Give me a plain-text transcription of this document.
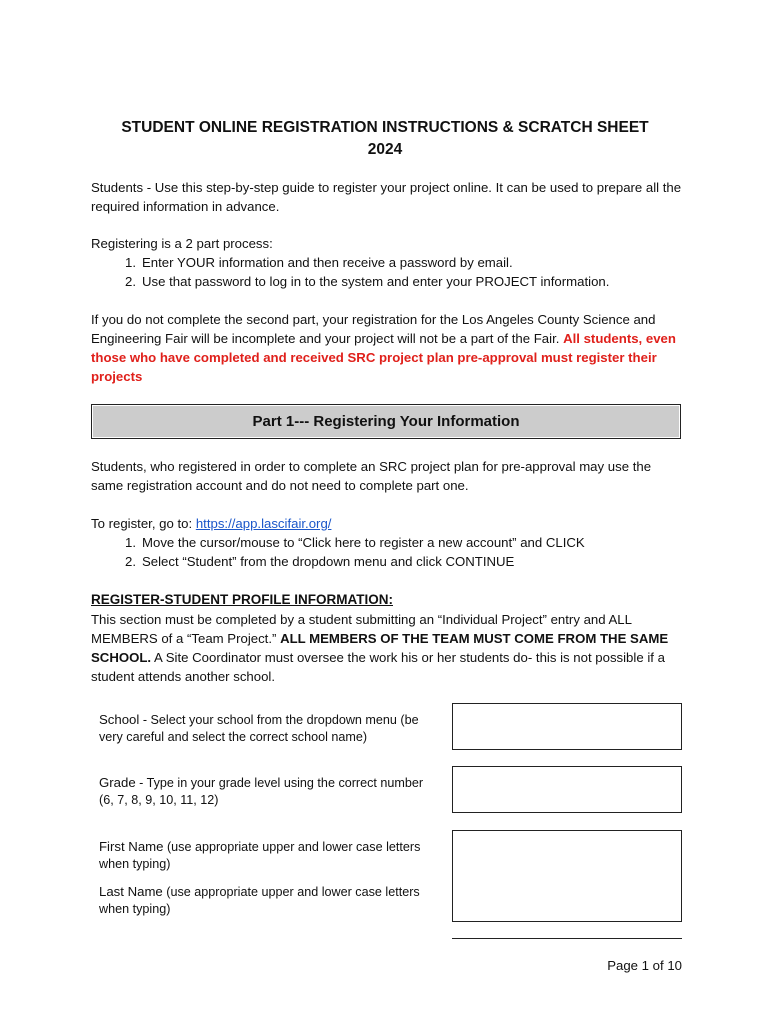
STUDENT ONLINE REGISTRATION INSTRUCTIONS & SCRATCH SHEET
2024
Students - Use this step-by-step guide to register your project online. It can be used to prepare all the required information in advance.
Registering is a 2 part process:
1. Enter YOUR information and then receive a password by email.
2. Use that password to log in to the system and enter your PROJECT information.
If you do not complete the second part, your registration for the Los Angeles County Science and Engineering Fair will be incomplete and your project will not be a part of the Fair. All students, even those who have completed and received SRC project plan pre-approval must register their projects
Part 1--- Registering Your Information
Students, who registered in order to complete an SRC project plan for pre-approval may use the same registration account and do not need to complete part one.
To register, go to: https://app.lascifair.org/
1. Move the cursor/mouse to “Click here to register a new account” and CLICK
2. Select “Student” from the dropdown menu and click CONTINUE
REGISTER-STUDENT PROFILE INFORMATION:
This section must be completed by a student submitting an “Individual Project” entry and ALL MEMBERS of a “Team Project.” ALL MEMBERS OF THE TEAM MUST COME FROM THE SAME SCHOOL. A Site Coordinator must oversee the work his or her students do- this is not possible if a student attends another school.
School - Select your school from the dropdown menu (be very careful and select the correct school name)
Grade - Type in your grade level using the correct number (6, 7, 8, 9, 10, 11, 12)
First Name (use appropriate upper and lower case letters when typing)
Last Name (use appropriate upper and lower case letters when typing)
Page 1 of 10
